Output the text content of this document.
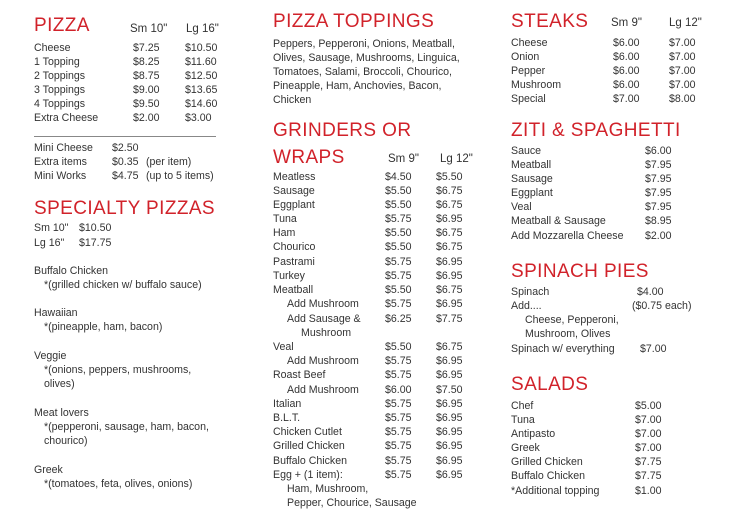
PIZZA	Sm 10" Lg 16"
Cheese	$7.25 $10.50
1 Topping	$8.25 $11.60
2 Toppings	$8.75 $12.50
3 Toppings	$9.00 $13.65
4 Toppings	$9.50 $14.60
Extra Cheese	$2.00 $3.00
Mini Cheese $2.50
Extra items $0.35 (per item)
Mini Works $4.75 (up to 5 items)
SPECIALTY PIZZAS
Sm 10" $10.50
Lg 16" $17.75
Buffalo Chicken
*(grilled chicken w/ buffalo sauce)
Hawaiian
*(pineapple, ham, bacon)
Veggie
*(onions, peppers, mushrooms,
olives)
Meat lovers
*(pepperoni, sausage, ham, bacon,
chourico)
Greek
*(tomatoes, feta, olives, onions)
PIZZA TOPPINGS
Peppers, Pepperoni, Onions, Meatball,
Olives, Sausage, Mushrooms, Linguica,
Tomatoes, Salami, Broccoli, Chourico,
Pineapple, Ham, Anchovies, Bacon,
Chicken
GRINDERS OR
WRAPS	Sm 9" Lg 12"
Meatless	$4.50 $5.50
Sausage	$5.50 $6.75
Eggplant	$5.50 $6.75
Tuna	$5.75 $6.95
Ham	$5.50 $6.75
Chourico	$5.50 $6.75
Pastrami	$5.75 $6.95
Turkey	$5.75 $6.95
Meatball	$5.50 $6.75
Add Mushroom $5.75 $6.95
Add Sausage & $6.25 $7.75
Mushroom
Veal	$5.50 $6.75
Add Mushroom $5.75 $6.95
Roast Beef	$5.75 $6.95
Add Mushroom $6.00 $7.50
Italian	$5.75 $6.95
B.L.T.	$5.75 $6.95
Chicken Cutlet	$5.75 $6.95
Grilled Chicken	$5.75 $6.95
Buffalo Chicken	$5.75 $6.95
Egg + (1 item):	$5.75 $6.95
Ham, Mushroom,
Pepper, Chourice, Sausage
STEAKS Sm 9" Lg 12"
Cheese	$6.00	$7.00
Onion	$6.00	$7.00
Pepper	$6.00	$7.00
Mushroom	$6.00	$7.00
Special	$7.00	$8.00
ZITI & SPAGHETTI
Sauce	$6.00
Meatball	$7.95
Sausage	$7.95
Eggplant	$7.95
Veal	$7.95
Meatball & Sausage	$8.95
Add Mozzarella Cheese $2.00
SPINACH PIES
Spinach	$4.00
Add....	($0.75 each)
Cheese, Pepperoni,
Mushroom, Olives
Spinach w/ everything $7.00
SALADS
Chef	$5.00
Tuna	$7.00
Antipasto	$7.00
Greek	$7.00
Grilled Chicken	$7.75
Buffalo Chicken	$7.75
*Additional topping	$1.00
